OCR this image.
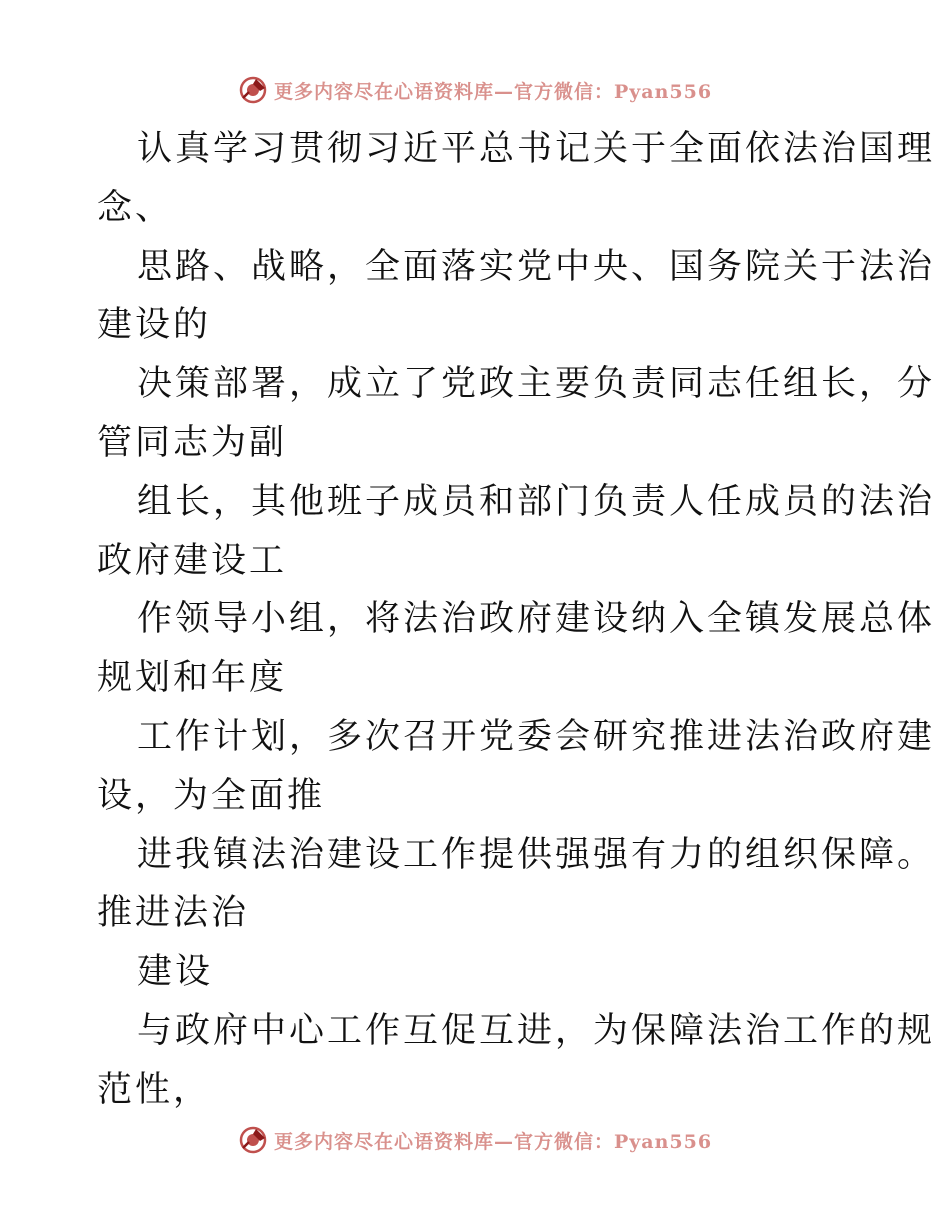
更多内容尽在心语资料库—官方微信：Pyan556

认真学习贯彻习近平总书记关于全面依法治国理

念、

思路、战略，全面落实党中央、国务院关于法治

建设的

决策部署，成立了党政主要负责同志任组长，分

管同志为副

组长，其他班子成员和部门负责人任成员的法治

政府建设工

作领导小组，将法治政府建设纳入全镇发展总体

规划和年度

工作计划，多次召开党委会研究推进法治政府建

设，为全面推

进我镇法治建设工作提供强强有力的组织保障。

推进法治

建设

与政府中心工作互促互进，为保障法治工作的规

范性，

更多内容尽在心语资料库—官方微信：Pyan556
